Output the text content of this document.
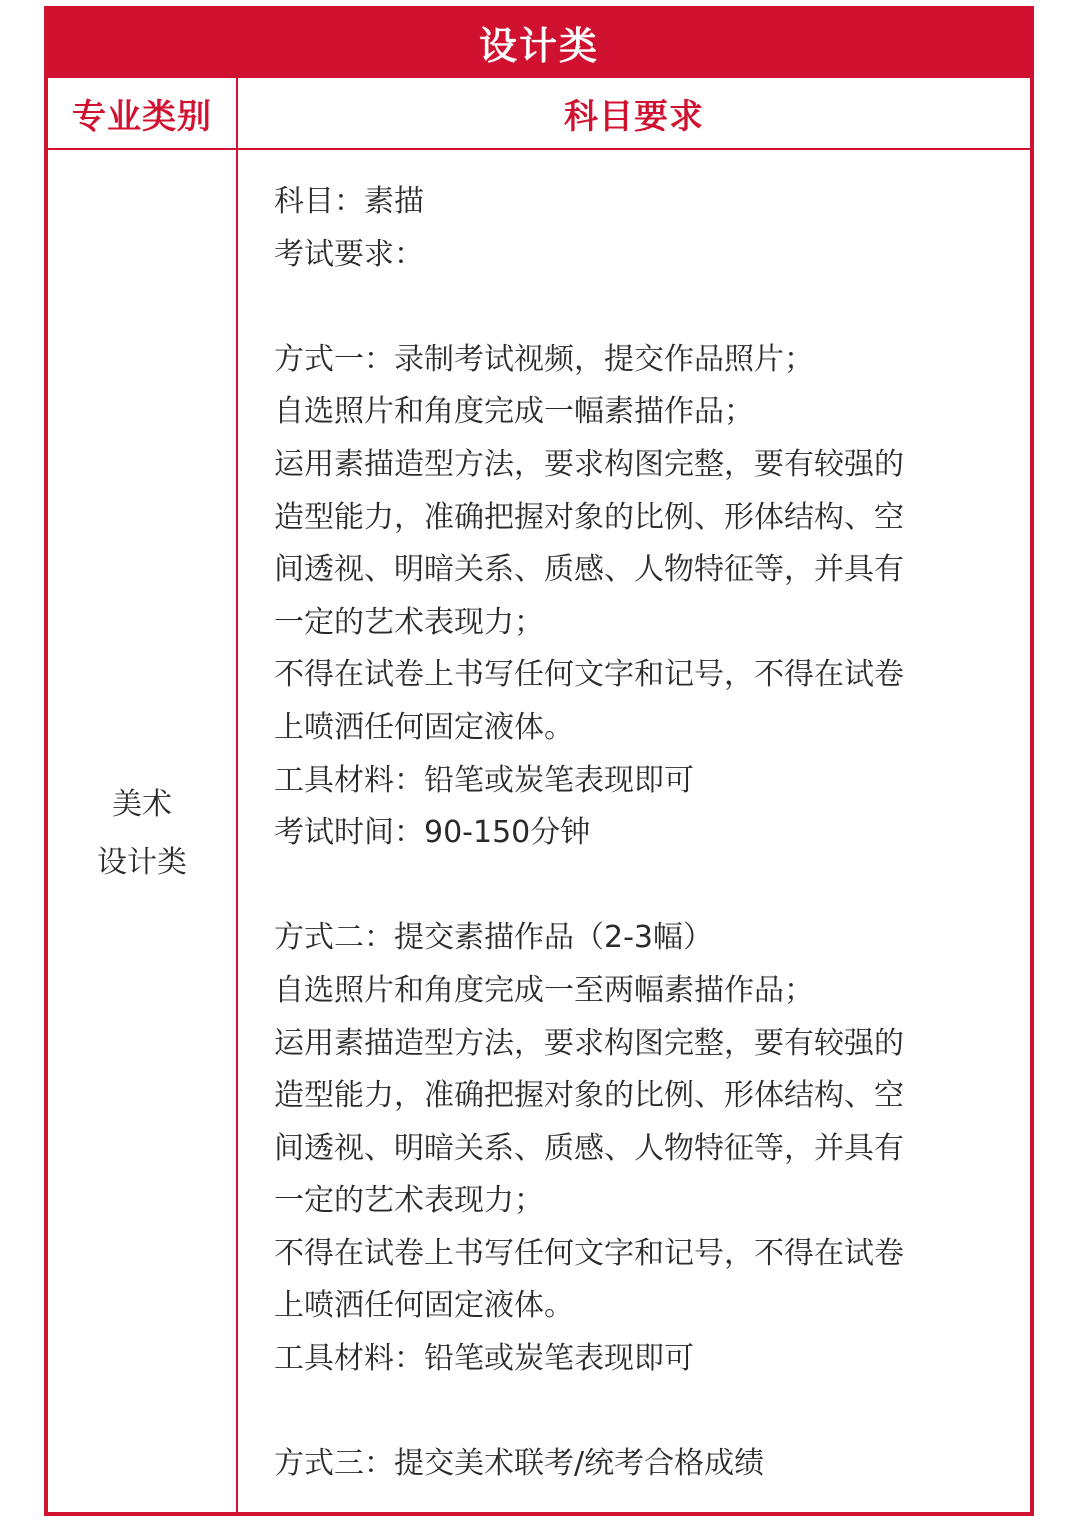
设计类
专业类别	科目要求
美术
设计类
科目：素描
考试要求：
方式一：录制考试视频，提交作品照片；
自选照片和角度完成一幅素描作品；
运用素描造型方法，要求构图完整，要有较强的
造型能力，准确把握对象的比例、形体结构、空
间透视、明暗关系、质感、人物特征等，并具有
一定的艺术表现力；
不得在试卷上书写任何文字和记号，不得在试卷
上喷洒任何固定液体。
工具材料：铅笔或炭笔表现即可
考试时间：90-150分钟
方式二：提交素描作品（2-3幅）
自选照片和角度完成一至两幅素描作品；
运用素描造型方法，要求构图完整，要有较强的
造型能力，准确把握对象的比例、形体结构、空
间透视、明暗关系、质感、人物特征等，并具有
一定的艺术表现力；
不得在试卷上书写任何文字和记号，不得在试卷
上喷洒任何固定液体。
工具材料：铅笔或炭笔表现即可
方式三：提交美术联考/统考合格成绩
